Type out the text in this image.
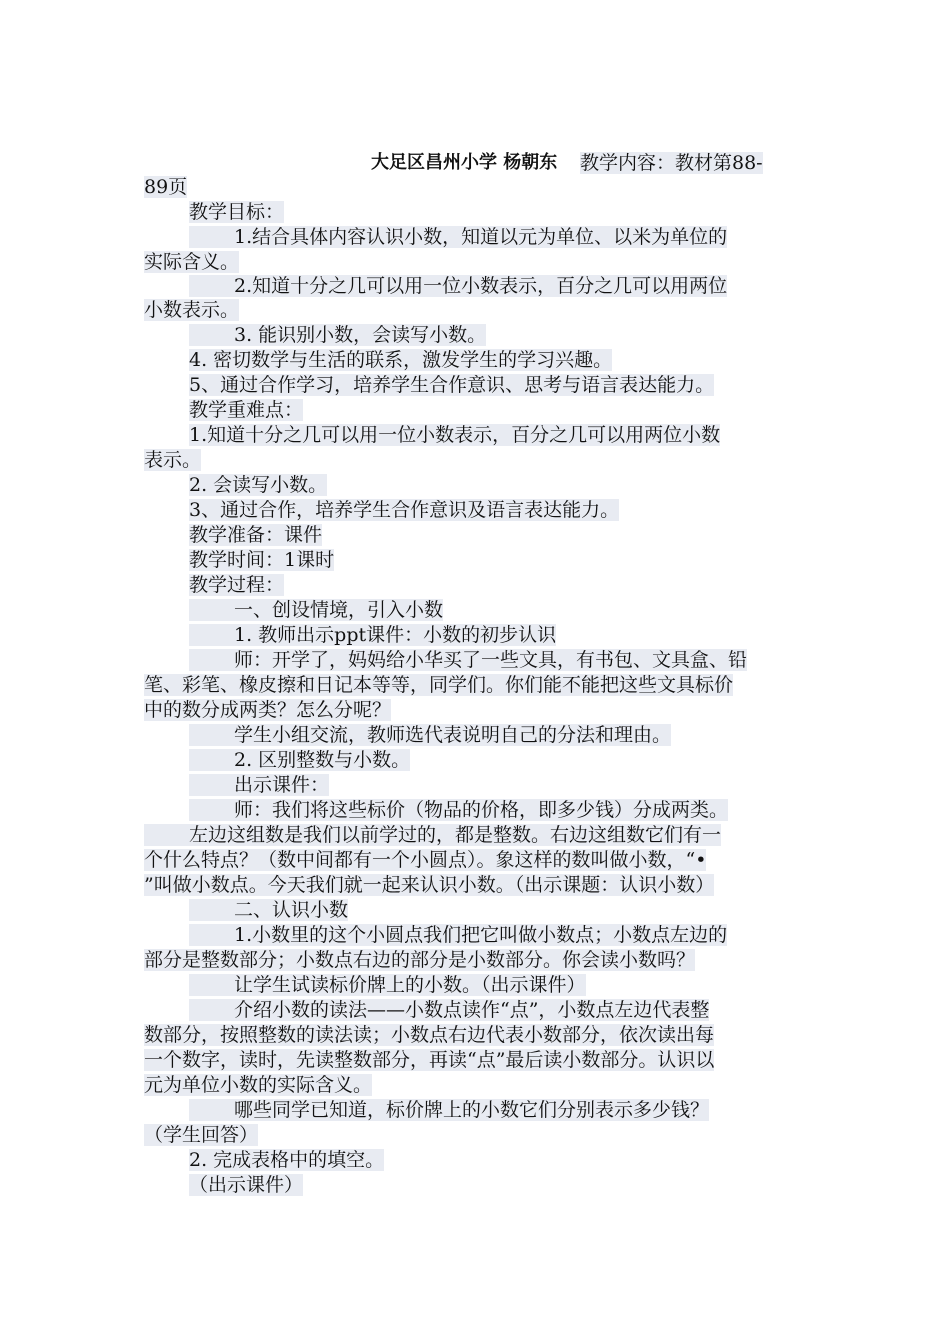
大足区昌州小学 杨朝东 教学内容：教材第88-
89页
教学目标：
1.结合具体内容认识小数，知道以元为单位、以米为单位的
实际含义。
2.知道十分之几可以用一位小数表示，百分之几可以用两位
小数表示。
3. 能识别小数，会读写小数。
4. 密切数学与生活的联系，激发学生的学习兴趣。
5、通过合作学习，培养学生合作意识、思考与语言表达能力。
教学重难点：
1.知道十分之几可以用一位小数表示，百分之几可以用两位小数
表示。
2. 会读写小数。
3、通过合作，培养学生合作意识及语言表达能力。
教学准备：课件
教学时间：1课时
教学过程：
一、创设情境，引入小数
1. 教师出示ppt课件：小数的初步认识
师：开学了，妈妈给小华买了一些文具，有书包、文具盒、铅
笔、彩笔、橡皮擦和日记本等等，同学们。你们能不能把这些文具标价
中的数分成两类？怎么分呢？
学生小组交流，教师选代表说明自己的分法和理由。
2. 区别整数与小数。
出示课件：
师：我们将这些标价（物品的价格，即多少钱）分成两类。
左边这组数是我们以前学过的，都是整数。右边这组数它们有一
个什么特点？（数中间都有一个小圆点）。象这样的数叫做小数，“•
”叫做小数点。今天我们就一起来认识小数。（出示课题：认识小数）
二、认识小数
1.小数里的这个小圆点我们把它叫做小数点；小数点左边的
部分是整数部分；小数点右边的部分是小数部分。你会读小数吗？
让学生试读标价牌上的小数。（出示课件）
介绍小数的读法——小数点读作“点”，小数点左边代表整
数部分，按照整数的读法读；小数点右边代表小数部分，依次读出每
一个数字，读时，先读整数部分，再读“点”最后读小数部分。认识以
元为单位小数的实际含义。
哪些同学已知道，标价牌上的小数它们分别表示多少钱？
（学生回答）
2. 完成表格中的填空。
（出示课件）
